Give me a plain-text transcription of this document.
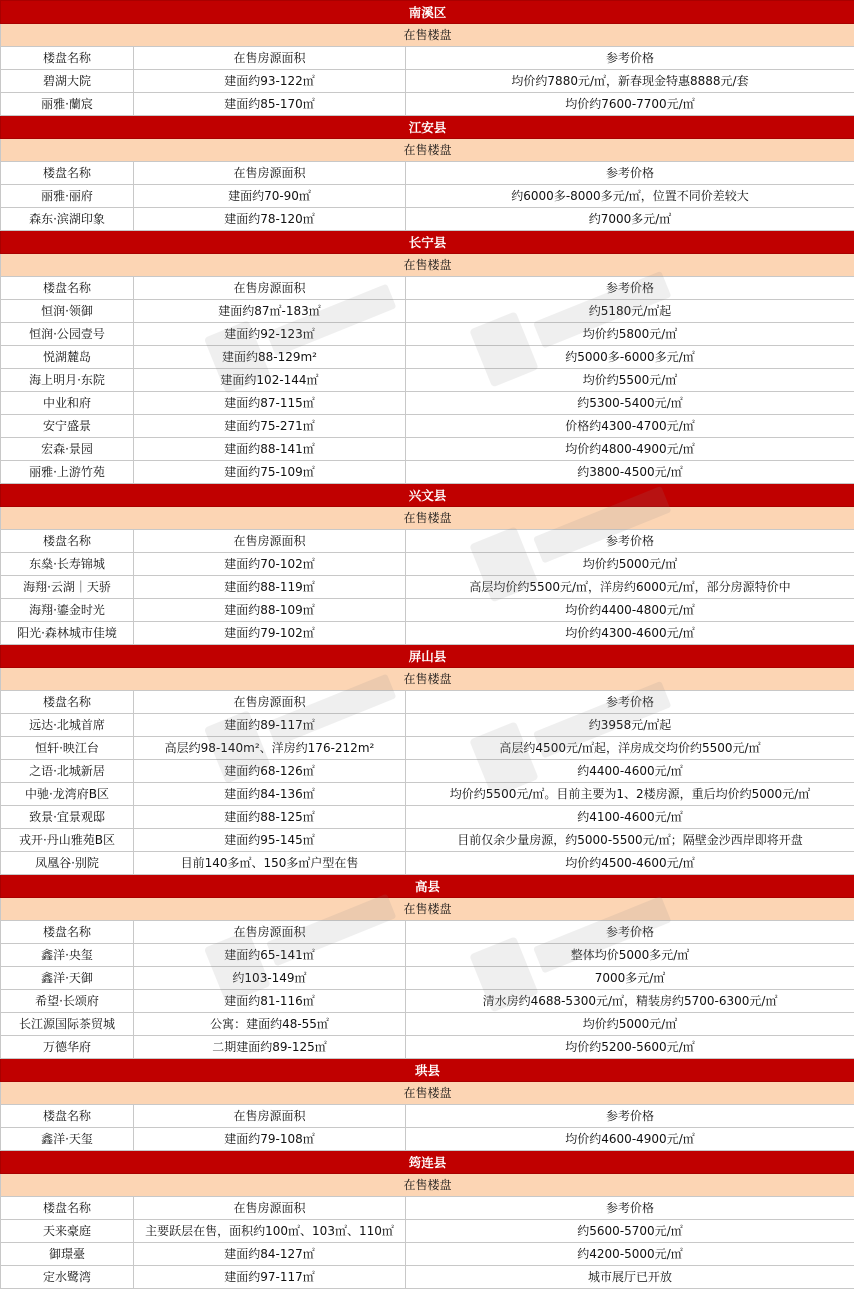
南溪区		
在售楼盘		
楼盘名称	在售房源面积	参考价格
碧湖大院	建面约93-122㎡	均价约7880元/㎡，新春现金特惠8888元/套
丽雅·蘭宸	建面约85-170㎡	均价约7600-7700元/㎡
江安县		
在售楼盘		
楼盘名称	在售房源面积	参考价格
丽雅·丽府	建面约70-90㎡	约6000多-8000多元/㎡，位置不同价差较大
森东·滨湖印象	建面约78-120㎡	约7000多元/㎡
长宁县		
在售楼盘		
楼盘名称	在售房源面积	参考价格
恒润·领御	建面约87㎡-183㎡	约5180元/㎡起
恒润·公园壹号	建面约92-123㎡	均价约5800元/㎡
悦湖麓岛	建面约88-129m²	约5000多-6000多元/㎡
海上明月·东院	建面约102-144㎡	均价约5500元/㎡
中业和府	建面约87-115㎡	约5300-5400元/㎡
安宁盛景	建面约75-271㎡	价格约4300-4700元/㎡
宏森·景园	建面约88-141㎡	均价约4800-4900元/㎡
丽雅·上游竹苑	建面约75-109㎡	约3800-4500元/㎡
兴文县		
在售楼盘		
楼盘名称	在售房源面积	参考价格
东燊·长寿锦城	建面约70-102㎡	均价约5000元/㎡
海翔·云湖｜天骄	建面约88-119㎡	高层均价约5500元/㎡，洋房约6000元/㎡，部分房源特价中
海翔·鎏金时光	建面约88-109㎡	均价约4400-4800元/㎡
阳光·森林城市佳境	建面约79-102㎡	均价约4300-4600元/㎡
屏山县		
在售楼盘		
楼盘名称	在售房源面积	参考价格
远达·北城首席	建面约89-117㎡	约3958元/㎡起
恒轩·映江台	高层约98-140m²、洋房约176-212m²	高层约4500元/㎡起，洋房成交均价约5500元/㎡
之语·北城新居	建面约68-126㎡	约4400-4600元/㎡
中驰·龙湾府B区	建面约84-136㎡	均价约5500元/㎡。目前主要为1、2楼房源，重后均价约5000元/㎡
致景·宜景观邸	建面约88-125㎡	约4100-4600元/㎡
戎开·丹山雅苑B区	建面约95-145㎡	目前仅余少量房源，约5000-5500元/㎡；隔壁金沙西岸即将开盘
凤凰谷·别院	目前140多㎡、150多㎡户型在售	均价约4500-4600元/㎡
高县		
在售楼盘		
楼盘名称	在售房源面积	参考价格
鑫洋·央玺	建面约65-141㎡	整体均价5000多元/㎡
鑫洋·天御	约103-149㎡	7000多元/㎡
希望·长颂府	建面约81-116㎡	清水房约4688-5300元/㎡，精装房约5700-6300元/㎡
长江源国际茶贸城	公寓：建面约48-55㎡	均价约5000元/㎡
万德华府	二期建面约89-125㎡	均价约5200-5600元/㎡
珙县		
在售楼盘		
楼盘名称	在售房源面积	参考价格
鑫洋·天玺	建面约79-108㎡	均价约4600-4900元/㎡
筠连县		
在售楼盘		
楼盘名称	在售房源面积	参考价格
天来豪庭	主要跃层在售，面积约100㎡、103㎡、110㎡	约5600-5700元/㎡
御璟臺	建面约84-127㎡	约4200-5000元/㎡
定水鹭湾	建面约97-117㎡	城市展厅已开放
